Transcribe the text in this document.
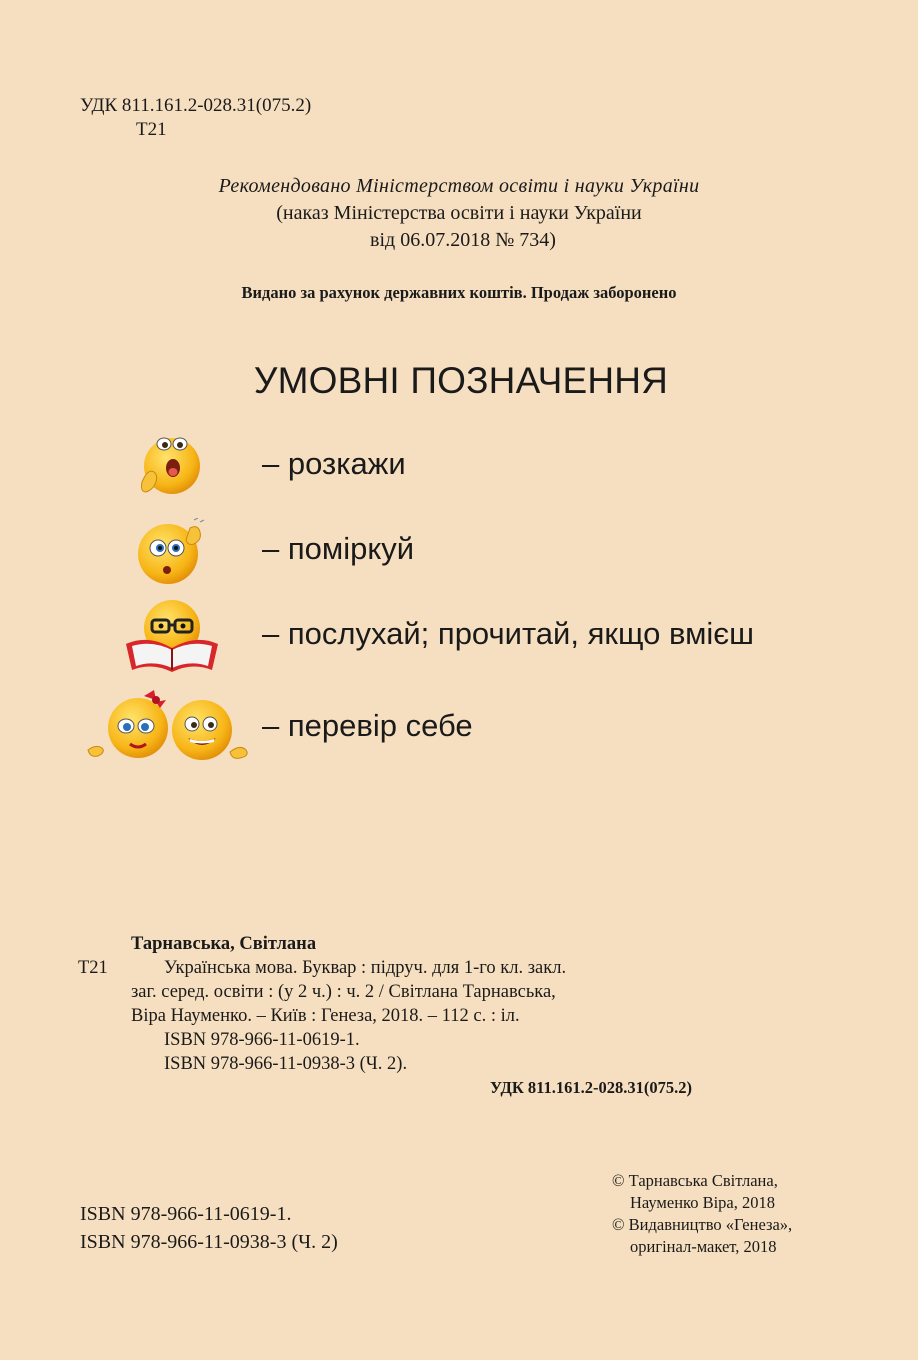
УДК 811.161.2-028.31(075.2)
Т21
Рекомендовано Міністерством освіти і науки України
(наказ Міністерства освіти і науки України
від 06.07.2018 № 734)
Видано за рахунок державних коштів. Продаж заборонено
УМОВНІ ПОЗНАЧЕННЯ
– розкажи
– поміркуй
– послухай; прочитай, якщо вмієш
– перевір себе
Тарнавська, Світлана
Т21	Українська мова. Буквар : підруч. для 1-го кл. закл.
заг. серед. освіти : (у 2 ч.) : ч. 2 / Світлана Тарнавська,
Віра Науменко. – Київ : Генеза, 2018. – 112 с. : іл.
ISBN 978-966-11-0619-1.
ISBN 978-966-11-0938-3 (Ч. 2).
УДК 811.161.2-028.31(075.2)
© Тарнавська Світлана,
Науменко Віра, 2018
© Видавництво «Генеза»,
оригінал-макет, 2018
ISBN 978-966-11-0619-1.
ISBN 978-966-11-0938-3 (Ч. 2)
